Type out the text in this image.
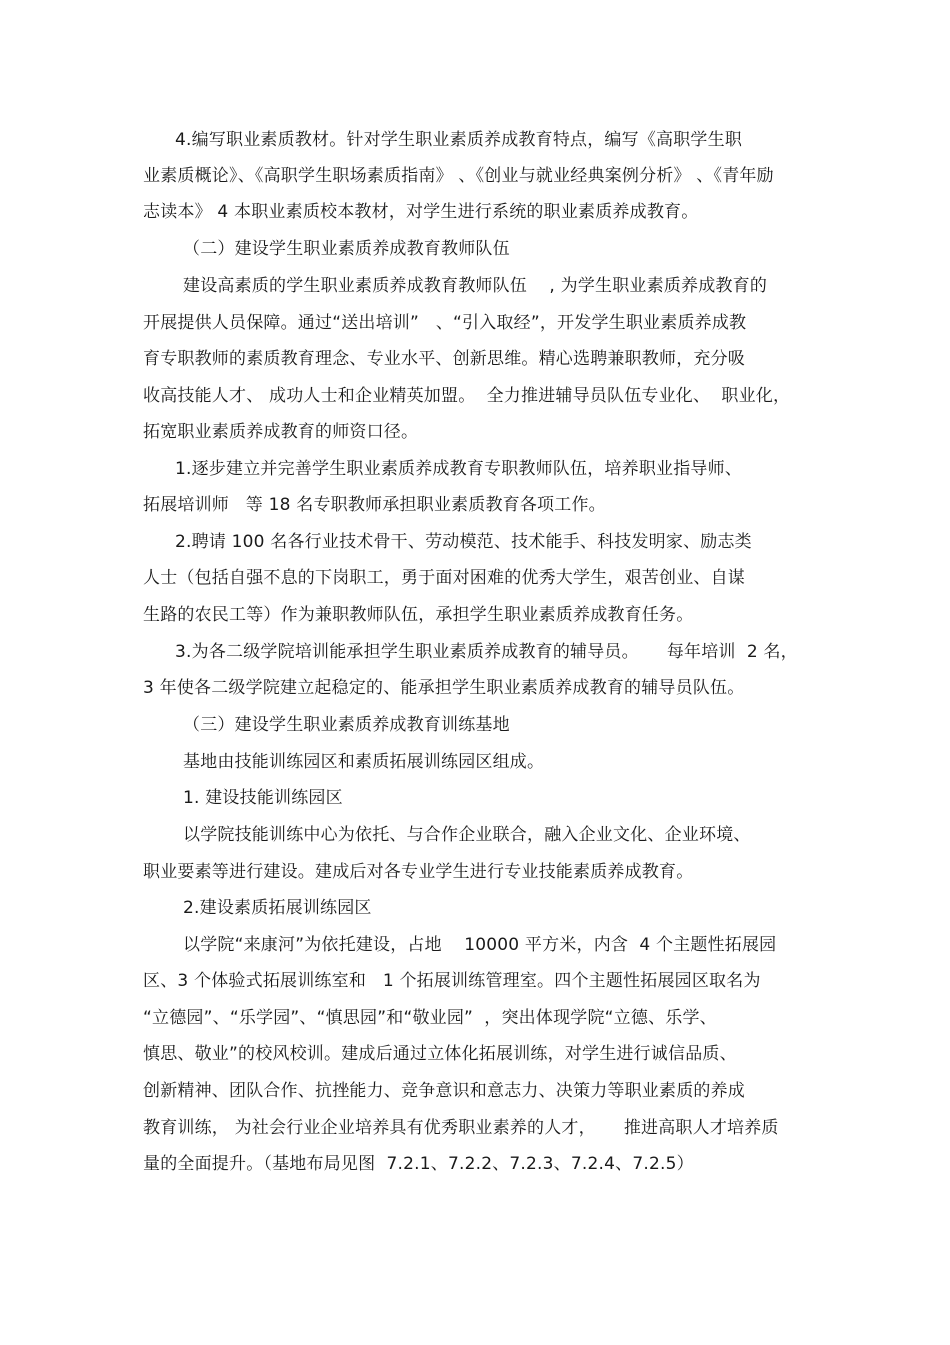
4.编写职业素质教材。针对学生职业素质养成教育特点，编写《高职学生职
业素质概论》、《高职学生职场素质指南》 、《创业与就业经典案例分析》 、《青年励
志读本》 4 本职业素质校本教材，对学生进行系统的职业素质养成教育。
（二）建设学生职业素质养成教育教师队伍
建设高素质的学生职业素质养成教育教师队伍    , 为学生职业素质养成教育的
开展提供人员保障。通过“送出培训”   、“引入取经”，开发学生职业素质养成教
育专职教师的素质教育理念、专业水平、创新思维。精心选聘兼职教师，充分吸
收高技能人才、 成功人士和企业精英加盟。  全力推进辅导员队伍专业化、  职业化，
拓宽职业素质养成教育的师资口径。
1.逐步建立并完善学生职业素质养成教育专职教师队伍，培养职业指导师、
拓展培训师   等 18 名专职教师承担职业素质教育各项工作。
2.聘请 100 名各行业技术骨干、劳动模范、技术能手、科技发明家、励志类
人士（包括自强不息的下岗职工，勇于面对困难的优秀大学生，艰苦创业、自谋
生路的农民工等）作为兼职教师队伍，承担学生职业素质养成教育任务。
3.为各二级学院培训能承担学生职业素质养成教育的辅导员。     每年培训  2 名，
3 年使各二级学院建立起稳定的、能承担学生职业素质养成教育的辅导员队伍。
（三）建设学生职业素质养成教育训练基地
基地由技能训练园区和素质拓展训练园区组成。
1. 建设技能训练园区
以学院技能训练中心为依托、与合作企业联合，融入企业文化、企业环境、
职业要素等进行建设。建成后对各专业学生进行专业技能素质养成教育。
2.建设素质拓展训练园区
以学院“来康河”为依托建设，占地    10000 平方米，内含  4 个主题性拓展园
区、3 个体验式拓展训练室和   1 个拓展训练管理室。四个主题性拓展园区取名为
“立德园”、“乐学园”、“慎思园”和“敬业园”  ，突出体现学院“立德、乐学、
慎思、敬业”的校风校训。建成后通过立体化拓展训练，对学生进行诚信品质、
创新精神、团队合作、抗挫能力、竞争意识和意志力、决策力等职业素质的养成
教育训练， 为社会行业企业培养具有优秀职业素养的人才，     推进高职人才培养质
量的全面提升。（基地布局见图  7.2.1、7.2.2、7.2.3、7.2.4、7.2.5）
